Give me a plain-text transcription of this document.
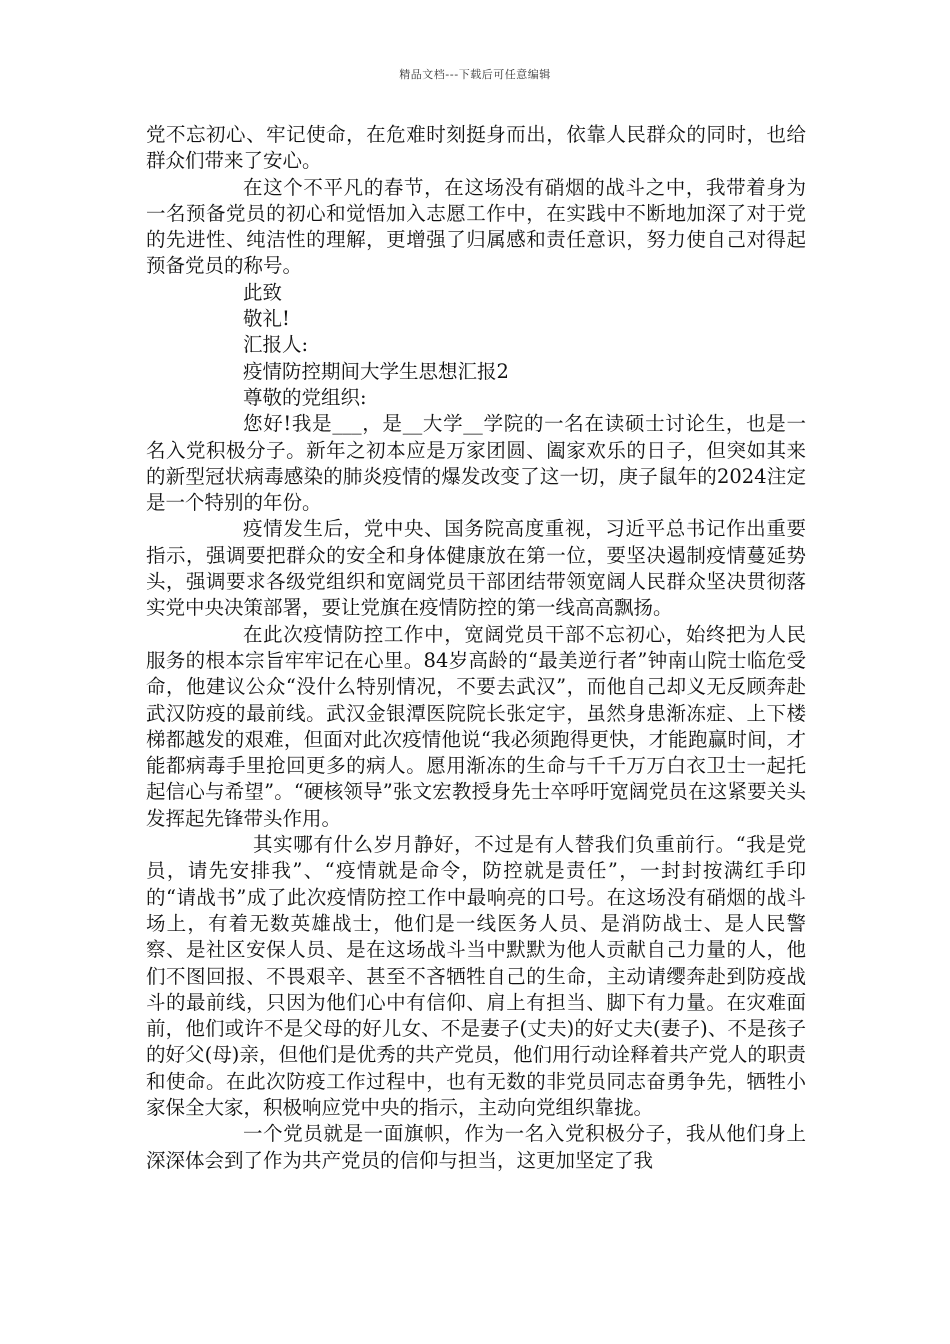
精品文档---下载后可任意编辑

党不忘初心、牢记使命，在危难时刻挺身而出，依靠人民群众的同时，也给群众们带来了安心。

在这个不平凡的春节，在这场没有硝烟的战斗之中，我带着身为一名预备党员的初心和觉悟加入志愿工作中，在实践中不断地加深了对于党的先进性、纯洁性的理解，更增强了归属感和责任意识，努力使自己对得起预备党员的称号。

此致

敬礼!

汇报人:

疫情防控期间大学生思想汇报2

尊敬的党组织:

您好!我是___，是__大学__学院的一名在读硕士讨论生，也是一名入党积极分子。新年之初本应是万家团圆、阖家欢乐的日子，但突如其来的新型冠状病毒感染的肺炎疫情的爆发改变了这一切，庚子鼠年的2024注定是一个特别的年份。

疫情发生后，党中央、国务院高度重视，习近平总书记作出重要指示，强调要把群众的安全和身体健康放在第一位，要坚决遏制疫情蔓延势头，强调要求各级党组织和宽阔党员干部团结带领宽阔人民群众坚决贯彻落实党中央决策部署，要让党旗在疫情防控的第一线高高飘扬。

在此次疫情防控工作中，宽阔党员干部不忘初心，始终把为人民服务的根本宗旨牢牢记在心里。84岁高龄的“最美逆行者”钟南山院士临危受命，他建议公众“没什么特别情况，不要去武汉”，而他自己却义无反顾奔赴武汉防疫的最前线。武汉金银潭医院院长张定宇，虽然身患渐冻症、上下楼梯都越发的艰难，但面对此次疫情他说“我必须跑得更快，才能跑赢时间，才能都病毒手里抢回更多的病人。愿用渐冻的生命与千千万万白衣卫士一起托起信心与希望”。“硬核领导”张文宏教授身先士卒呼吁宽阔党员在这紧要关头发挥起先锋带头作用。

其实哪有什么岁月静好，不过是有人替我们负重前行。“我是党员，请先安排我”、“疫情就是命令，防控就是责任”，一封封按满红手印的“请战书”成了此次疫情防控工作中最响亮的口号。在这场没有硝烟的战斗场上，有着无数英雄战士，他们是一线医务人员、是消防战士、是人民警察、是社区安保人员、是在这场战斗当中默默为他人贡献自己力量的人，他们不图回报、不畏艰辛、甚至不吝牺牲自己的生命，主动请缨奔赴到防疫战斗的最前线，只因为他们心中有信仰、肩上有担当、脚下有力量。在灾难面前，他们或许不是父母的好儿女、不是妻子(丈夫)的好丈夫(妻子)、不是孩子的好父(母)亲，但他们是优秀的共产党员，他们用行动诠释着共产党人的职责和使命。在此次防疫工作过程中，也有无数的非党员同志奋勇争先，牺牲小家保全大家，积极响应党中央的指示，主动向党组织靠拢。

一个党员就是一面旗帜，作为一名入党积极分子，我从他们身上深深体会到了作为共产党员的信仰与担当，这更加坚定了我
